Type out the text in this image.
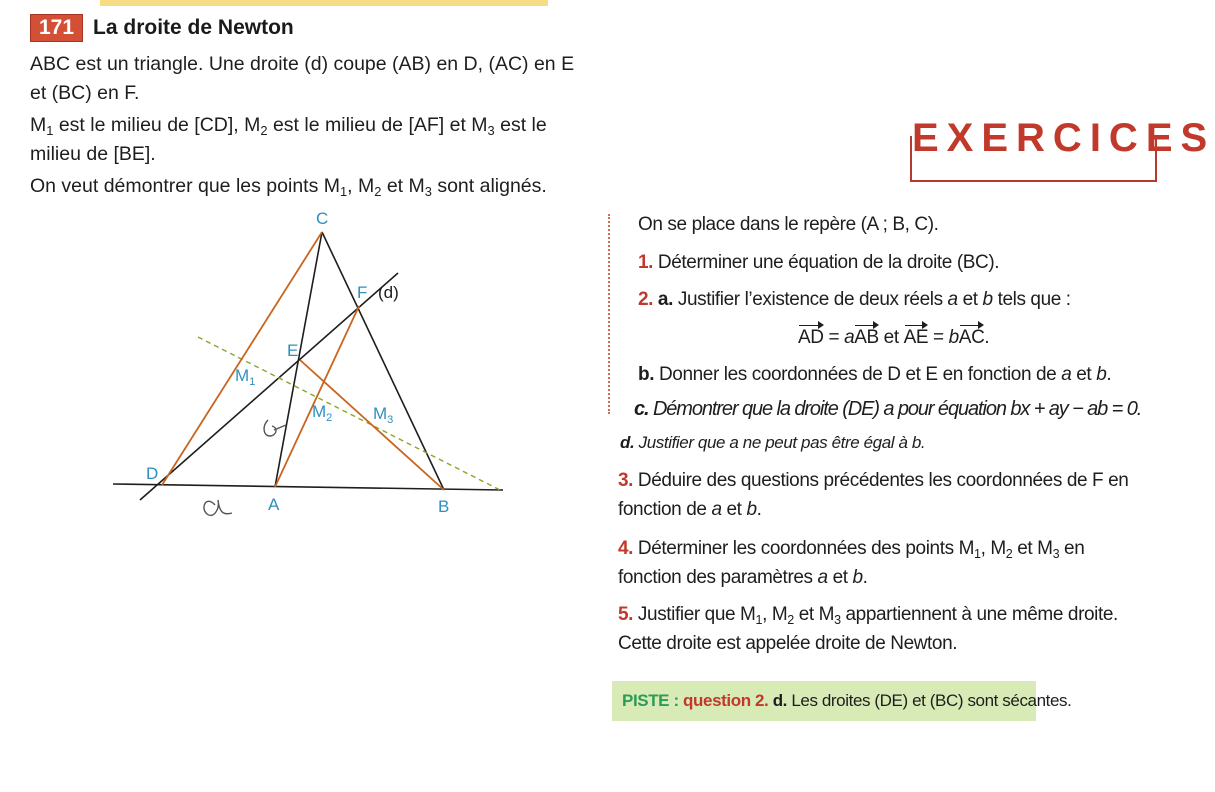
171 La droite de Newton

ABC est un triangle. Une droite (d) coupe (AB) en D, (AC) en E

et (BC) en F.

$M_1$ est le milieu de [CD], $M_2$ est le milieu de [AF] et $M_3$ est le

milieu de [BE].

On veut démontrer que les points $M_1$, $M_2$ et $M_3$ sont alignés.

EXERCICES
C
F
E
$M_1$
$M_2$ $M_3$
D
A	B
(d)
On se place dans le repère (A ; B, C).
1. Déterminer une équation de la droite (BC).
2. a. Justifier l’existence de deux réels a et b tels que :
AD = aAB et AE = bAC.
b. Donner les coordonnées de D et E en fonction de a et b.
c. Démontrer que la droite (DE) a pour équation bx + ay − ab = 0.
d. Justifier que a ne peut pas être égal à b.
3. Déduire des questions précédentes les coordonnées de F en fonction de a et b.
4. Déterminer les coordonnées des points $M_1$, $M_2$ et $M_3$ en fonction des paramètres a et b.
5. Justifier que $M_1$, $M_2$ et $M_3$ appartiennent à une même droite. Cette droite est appelée droite de Newton.
PISTE : question 2. d. Les droites (DE) et (BC) sont sécantes.
